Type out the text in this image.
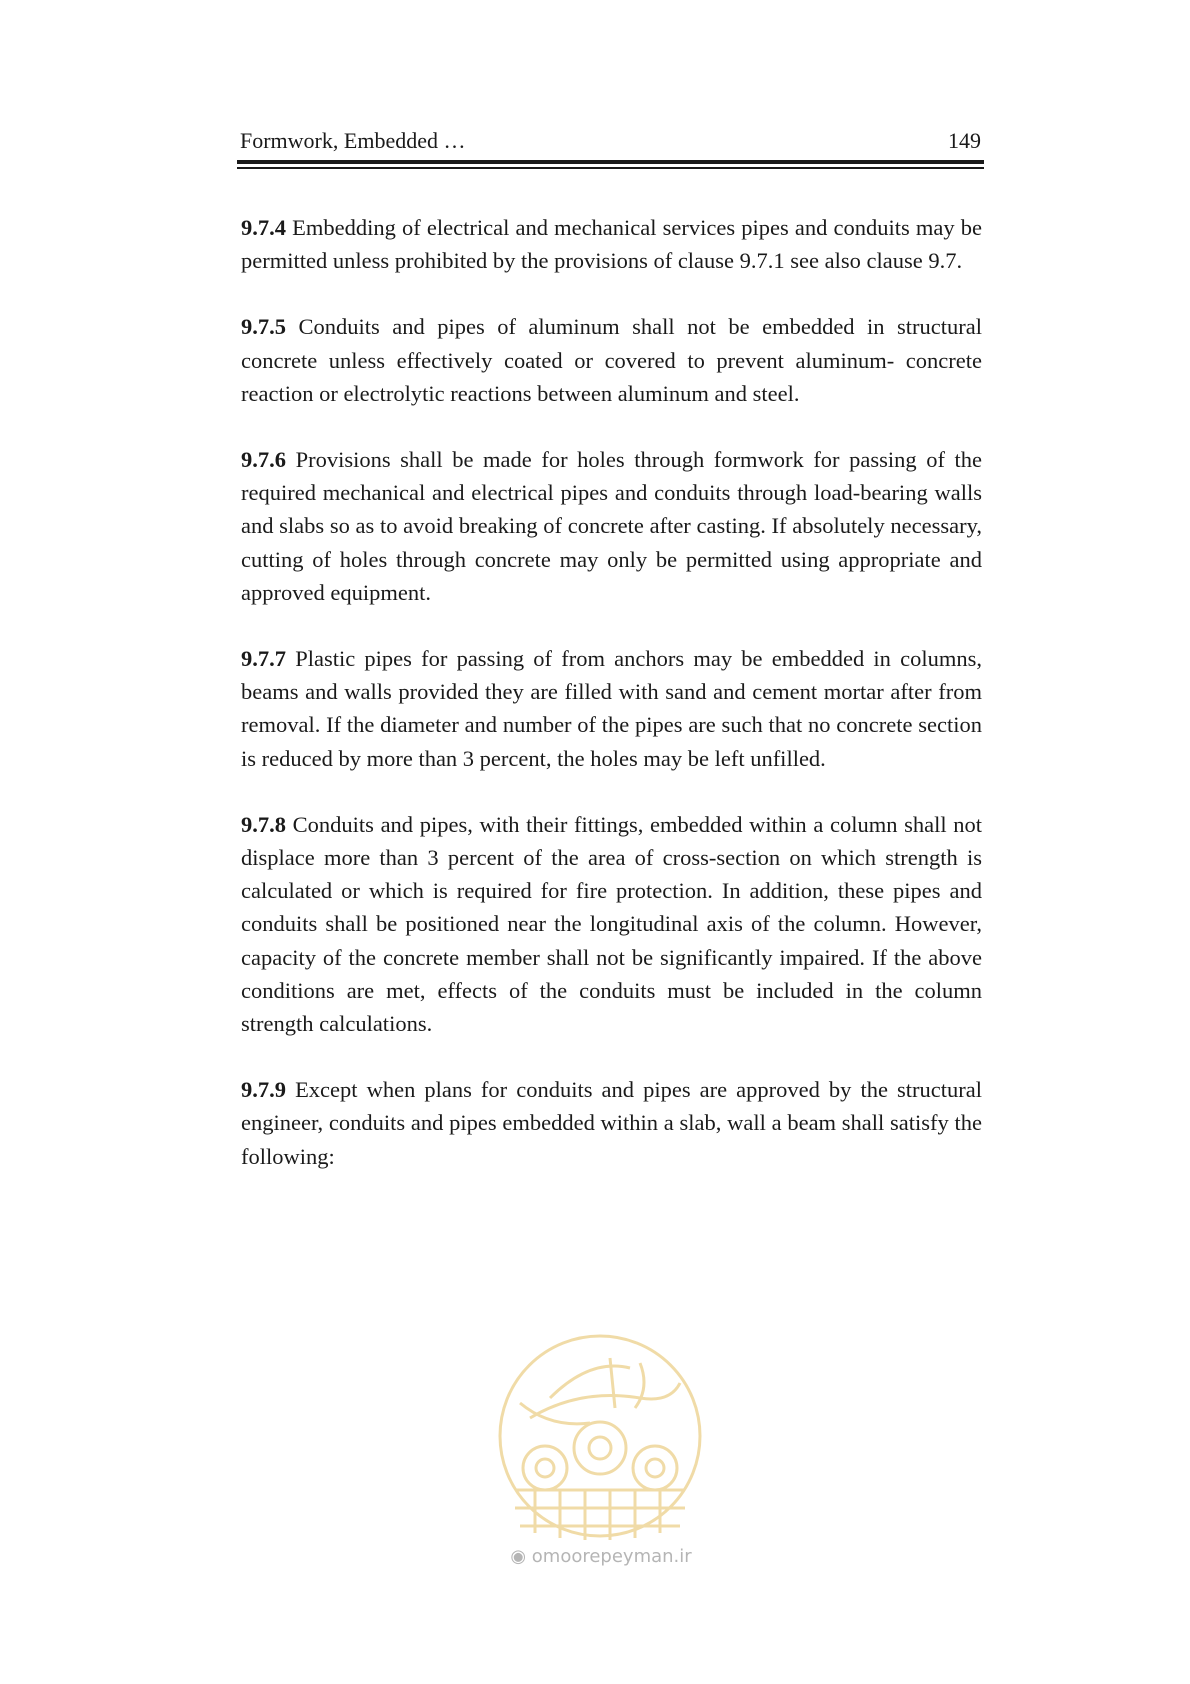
Formwork, Embedded …	149

9.7.4 Embedding of electrical and mechanical services pipes and conduits may be permitted unless prohibited by the provisions of clause 9.7.1 see also clause 9.7.

9.7.5 Conduits and pipes of aluminum shall not be embedded in structural concrete unless effectively coated or covered to prevent aluminum- concrete reaction or electrolytic reactions between aluminum and steel.

9.7.6 Provisions shall be made for holes through formwork for passing of the required mechanical and electrical pipes and conduits through load-bearing walls and slabs so as to avoid breaking of concrete after casting. If absolutely necessary, cutting of holes through concrete may only be permitted using appropriate and approved equipment.

9.7.7 Plastic pipes for passing of from anchors may be embedded in columns, beams and walls provided they are filled with sand and cement mortar after from removal. If the diameter and number of the pipes are such that no concrete section is reduced by more than 3 percent, the holes may be left unfilled.

9.7.8 Conduits and pipes, with their fittings, embedded within a column shall not displace more than 3 percent of the area of cross-section on which strength is calculated or which is required for fire protection. In addition, these pipes and conduits shall be positioned near the longitudinal axis of the column. However, capacity of the concrete member shall not be significantly impaired. If the above conditions are met, effects of the conduits must be included in the column strength calculations.

9.7.9 Except when plans for conduits and pipes are approved by the structural engineer, conduits and pipes embedded within a slab, wall a beam shall satisfy the following:

◉ omoorepeyman.ir
